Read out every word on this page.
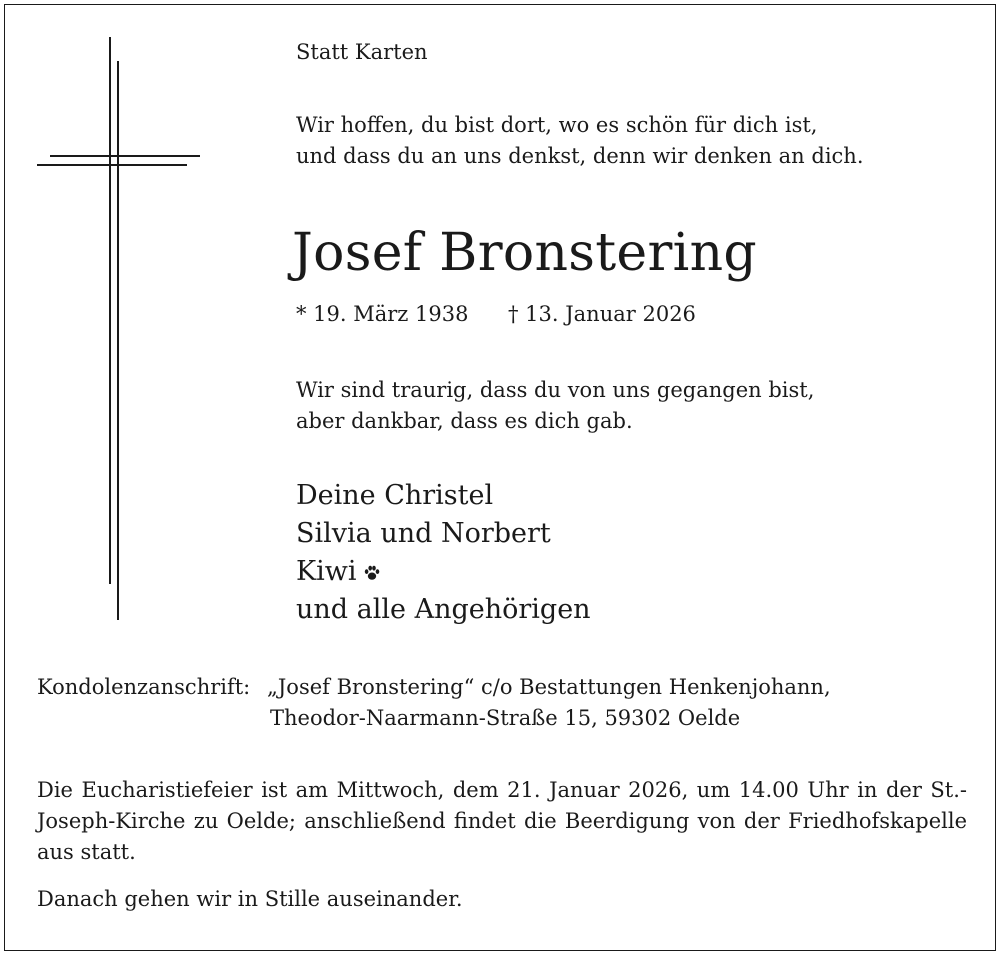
Statt Karten
Wir hoffen, du bist dort, wo es schön für dich ist,
und dass du an uns denkst, denn wir denken an dich.
Josef Bronstering
* 19. März 1938 † 13. Januar 2026
Wir sind traurig, dass du von uns gegangen bist,
aber dankbar, dass es dich gab.
Deine Christel
Silvia und Norbert
Kiwi
und alle Angehörigen
Kondolenzanschrift: „Josef Bronstering“ c/o Bestattungen Henkenjohann,
Theodor-Naarmann-Straße 15, 59302 Oelde
Die Eucharistiefeier ist am Mittwoch, dem 21. Januar 2026, um 14.00 Uhr in der St.-Joseph-Kirche zu Oelde; anschließend findet die Beerdigung von der Friedhofskapelle aus statt.
Danach gehen wir in Stille auseinander.
